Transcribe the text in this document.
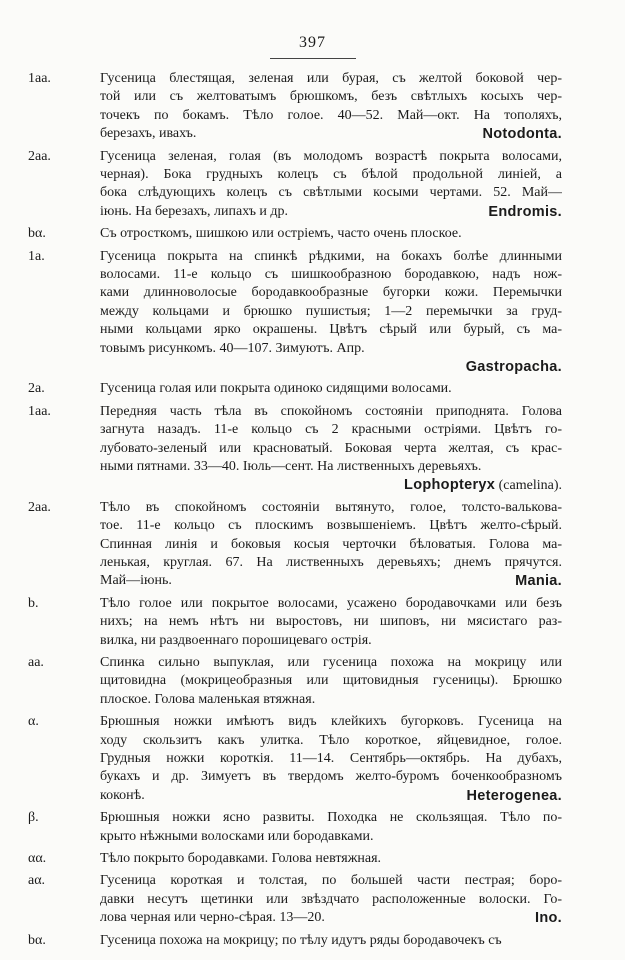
397
1aa.	Гусеница блестящая, зеленая или бурая, съ желтой боковой чер-
той или съ желтоватымъ брюшкомъ, безъ свѣтлыхъ косыхъ чер-
точекъ по бокамъ. Тѣло голое. 40—52. Май—окт. На тополяхъ,
березахъ, ивахъ.	Notodonta.
2aa.	Гусеница зеленая, голая (въ молодомъ возрастѣ покрыта волосами,
черная). Бока грудныхъ колецъ съ бѣлой продольной линіей, а
бока слѣдующихъ колецъ съ свѣтлыми косыми чертами. 52. Май—
іюнь. На березахъ, липахъ и др.	Endromis.
bα.	Съ отросткомъ, шишкою или остріемъ, часто очень плоское.
1a.	Гусеница покрыта на спинкѣ рѣдкими, на бокахъ болѣе длинными
волосами. 11-е кольцо съ шишкообразною бородавкою, надъ нож-
ками длинноволосые бородавкообразные бугорки кожи. Перемычки
между кольцами и брюшко пушистыя; 1—2 перемычки за груд-
ными кольцами ярко окрашены. Цвѣтъ сѣрый или бурый, съ ма-
товымъ рисункомъ. 40—107. Зимуютъ. Апр.
Gastropacha.
2a.	Гусеница голая или покрыта одиноко сидящими волосами.
1aa.	Передняя часть тѣла въ спокойномъ состояніи приподнята. Голова
загнута назадъ. 11-е кольцо съ 2 красными остріями. Цвѣтъ го-
лубовато-зеленый или красноватый. Боковая черта желтая, съ крас-
ными пятнами. 33—40. Іюль—сент. На лиственныхъ деревьяхъ.
Lophopteryx (camelina).
2aa.	Тѣло въ спокойномъ состояніи вытянуто, голое, толсто-вальковa-
тое. 11-е кольцо съ плоскимъ возвышеніемъ. Цвѣтъ желто-сѣрый.
Спинная линія и боковыя косыя черточки бѣловатыя. Голова ма-
ленькая, круглая. 67. На лиственныхъ деревьяхъ; днемъ прячутся.
Май—іюнь.	Mania.
b.	Тѣло голое или покрытое волосами, усажено бородавочками или безъ
нихъ; на немъ нѣтъ ни выростовъ, ни шиповъ, ни мясистаго раз-
вилка, ни раздвоеннаго порошицеваго острія.
aa.	Спинка сильно выпуклая, или гусеница похожа на мокрицу или
щитовидна (мокрицеобразныя или щитовидныя гусеницы). Брюшко
плоское. Голова маленькая втяжная.
α.	Брюшныя ножки имѣютъ видъ клейкихъ бугорковъ. Гусеница на
ходу скользитъ какъ улитка. Тѣло короткое, яйцевидное, голое.
Грудныя ножки короткія. 11—14. Сентябрь—октябрь. На дубахъ,
букахъ и др. Зимуетъ въ твердомъ желто-буромъ боченкообразномъ
коконѣ.	Heterogenea.
β.	Брюшныя ножки ясно развиты. Походка не скользящая. Тѣло по-
крыто нѣжными волосками или бородавками.
αα.	Тѣло покрыто бородавками. Голова невтяжная.
aα.	Гусеница короткая и толстая, по большей части пестрая; боро-
давки несутъ щетинки или звѣздчато расположенные волоски. Го-
лова черная или черно-сѣрая. 13—20.	Ino.
bα.	Гусеница похожа на мокрицу; по тѣлу идутъ ряды бородавочекъ съ
